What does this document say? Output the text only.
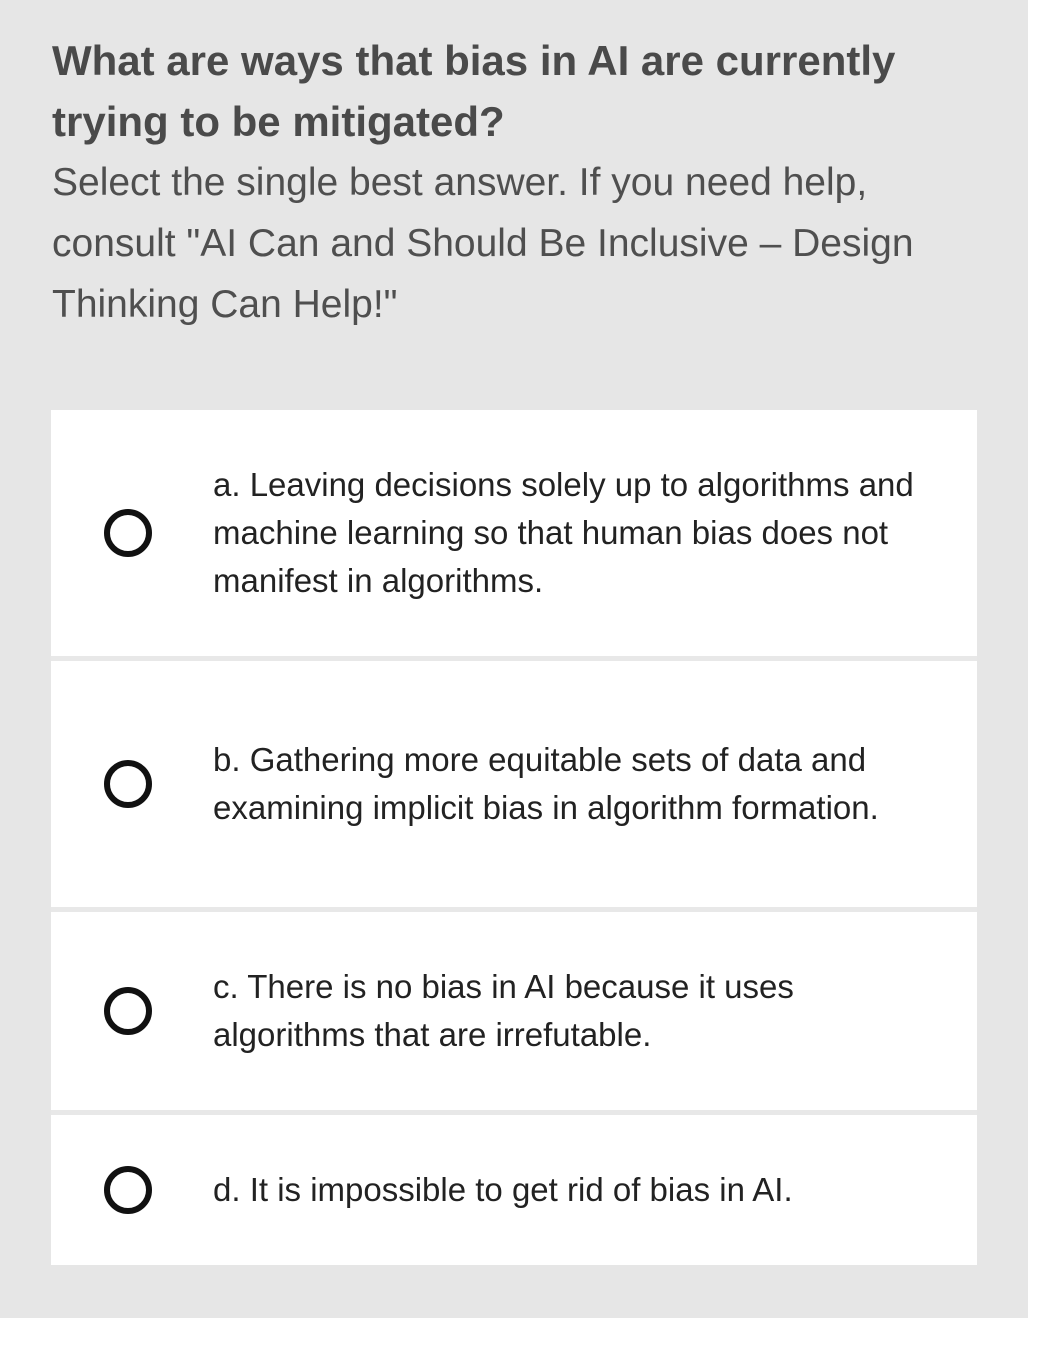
What are ways that bias in AI are currently trying to be mitigated?

Select the single best answer. If you need help, consult "AI Can and Should Be Inclusive – Design Thinking Can Help!"

a. Leaving decisions solely up to algorithms and machine learning so that human bias does not manifest in algorithms.
b. Gathering more equitable sets of data and examining implicit bias in algorithm formation.
c. There is no bias in AI because it uses algorithms that are irrefutable.
d. It is impossible to get rid of bias in AI.
